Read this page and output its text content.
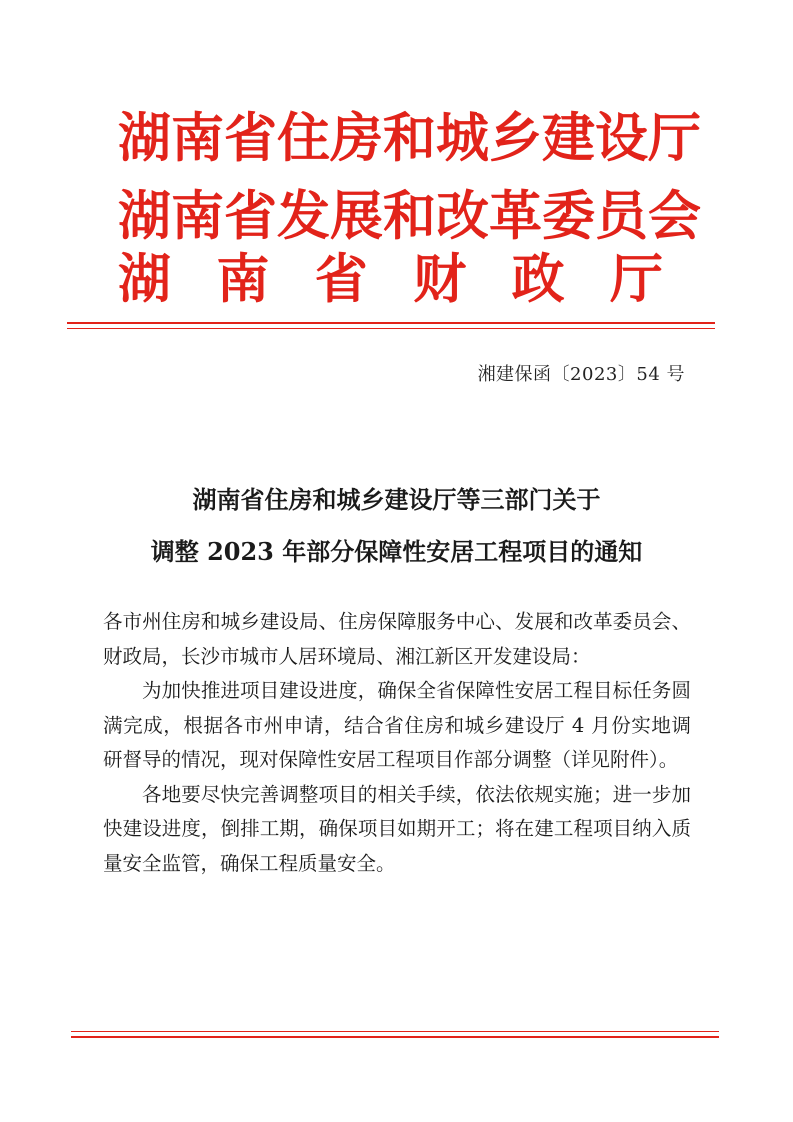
湖南省住房和城乡建设厅
湖南省发展和改革委员会
湖南省财政厅
湘建保函〔2023〕54 号
湖南省住房和城乡建设厅等三部门关于
调整 2023 年部分保障性安居工程项目的通知

各市州住房和城乡建设局、住房保障服务中心、发展和改革委员会、财政局，长沙市城市人居环境局、湘江新区开发建设局：

为加快推进项目建设进度，确保全省保障性安居工程目标任务圆满完成，根据各市州申请，结合省住房和城乡建设厅 4 月份实地调研督导的情况，现对保障性安居工程项目作部分调整（详见附件）。

各地要尽快完善调整项目的相关手续，依法依规实施；进一步加快建设进度，倒排工期，确保项目如期开工；将在建工程项目纳入质量安全监管，确保工程质量安全。
